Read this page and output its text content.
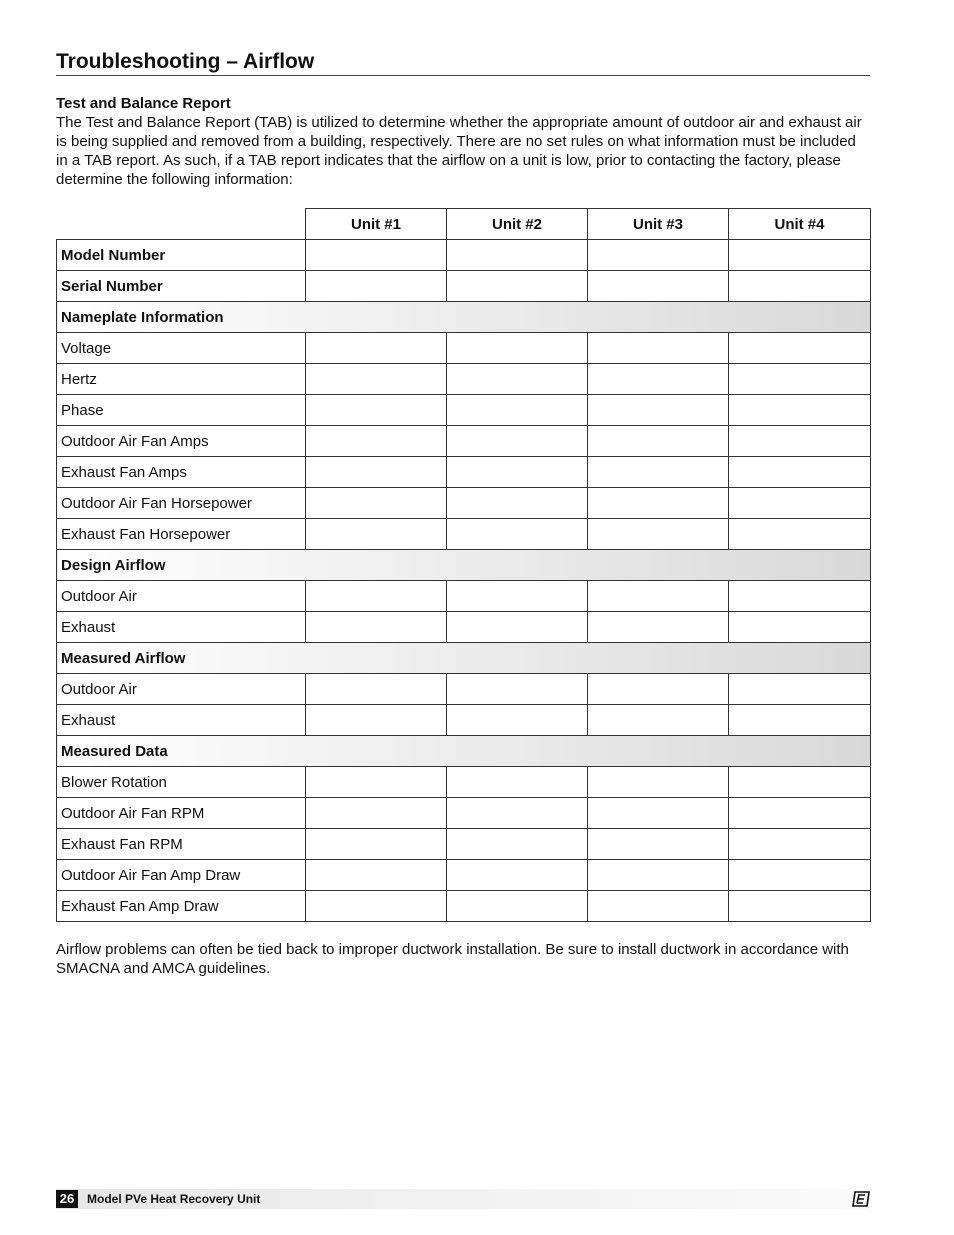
Troubleshooting – Airflow
Test and Balance Report

The Test and Balance Report (TAB) is utilized to determine whether the appropriate amount of outdoor air and exhaust air is being supplied and removed from a building, respectively. There are no set rules on what information must be included in a TAB report. As such, if a TAB report indicates that the airflow on a unit is low, prior to contacting the factory, please determine the following information:

	Unit #1	Unit #2	Unit #3	Unit #4
Model Number				
Serial Number				
Nameplate Information				
Voltage				
Hertz				
Phase				
Outdoor Air Fan Amps				
Exhaust Fan Amps				
Outdoor Air Fan Horsepower				
Exhaust Fan Horsepower				
Design Airflow				
Outdoor Air				
Exhaust				
Measured Airflow				
Outdoor Air				
Exhaust				
Measured Data				
Blower Rotation				
Outdoor Air Fan RPM				
Exhaust Fan RPM				
Outdoor Air Fan Amp Draw				
Exhaust Fan Amp Draw				

Airflow problems can often be tied back to improper ductwork installation. Be sure to install ductwork in accordance with SMACNA and AMCA guidelines.

26	Model PVe Heat Recovery Unit
